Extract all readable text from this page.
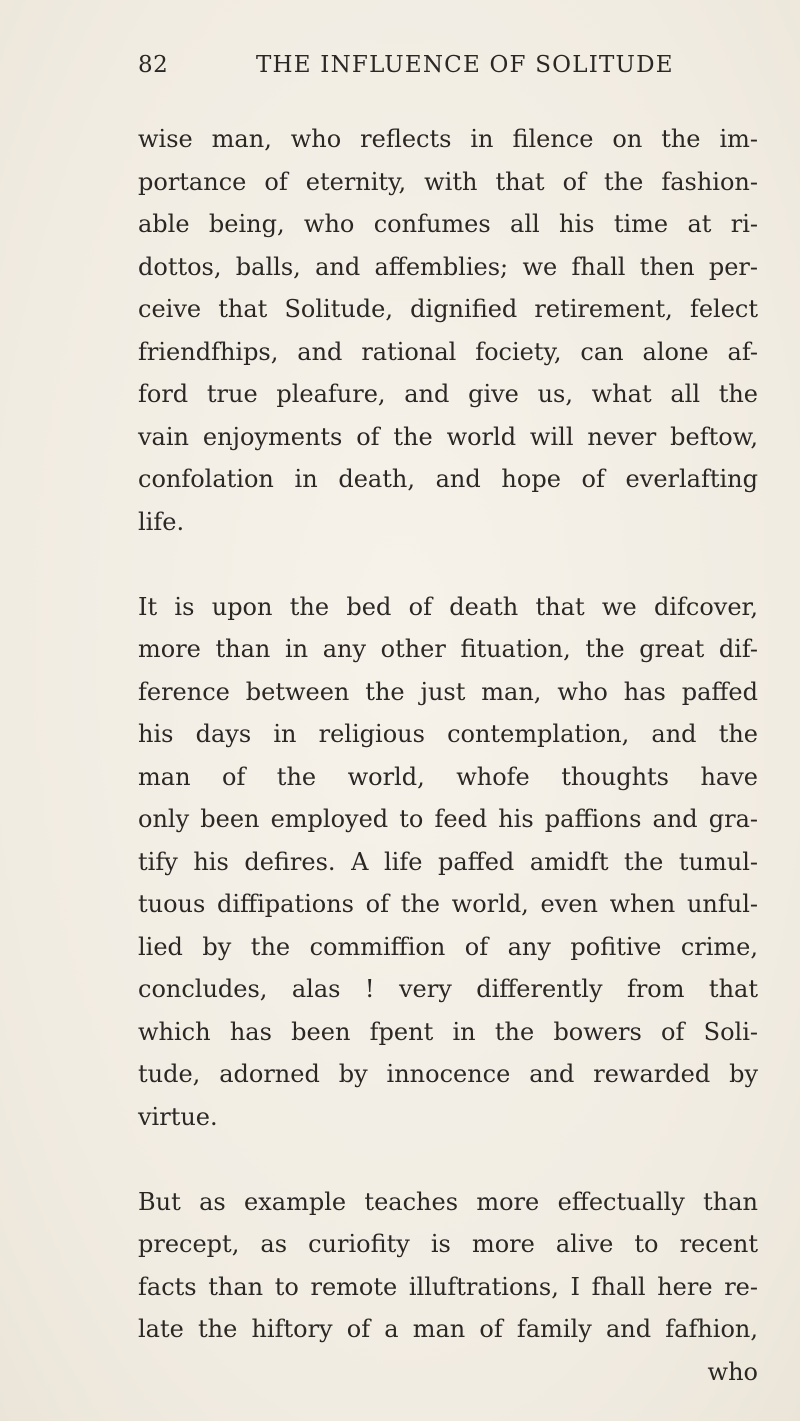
82	THE INFLUENCE OF SOLITUDE
wise man, who reflects in filence on the im-
portance of eternity, with that of the fashion-
able being, who confumes all his time at ri-
dottos, balls, and affemblies; we fhall then per-
ceive that Solitude, dignified retirement, felect
friendfhips, and rational fociety, can alone af-
ford true pleafure, and give us, what all the
vain enjoyments of the world will never beftow,
confolation in death, and hope of everlafting
life.
It is upon the bed of death that we difcover,
more than in any other fituation, the great dif-
ference between the just man, who has paffed
his days in religious contemplation, and the
man of the world, whofe thoughts have
only been employed to feed his paffions and gra-
tify his defires. A life paffed amidft the tumul-
tuous diffipations of the world, even when unful-
lied by the commiffion of any pofitive crime,
concludes, alas ! very differently from that
which has been fpent in the bowers of Soli-
tude, adorned by innocence and rewarded by
virtue.
But as example teaches more effectually than
precept, as curiofity is more alive to recent
facts than to remote illuftrations, I fhall here re-
late the hiftory of a man of family and fafhion,
who
